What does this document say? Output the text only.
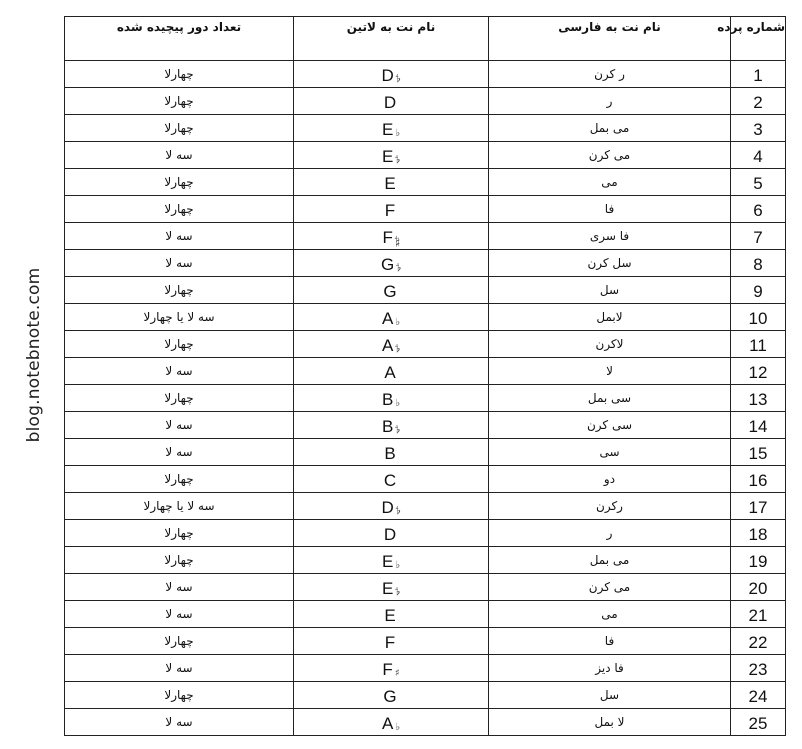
blog.notebnote.com
تعداد دور پیچیده شده	نام نت به لاتین	نام نت به فارسی	شماره پرده
چهارلا	D 𝄳	ر کرن	1
چهارلا	D	ر	2
چهارلا	E ♭	می بمل	3
سه لا	E 𝄳	می کرن	4
چهارلا	E	می	5
چهارلا	F	فا	6
سه لا	F 𝄲	فا سری	7
سه لا	G 𝄳	سل کرن	8
چهارلا	G	سل	9
سه لا یا چهارلا	A ♭	لابمل	10
چهارلا	A 𝄳	لاکرن	11
سه لا	A	لا	12
چهارلا	B ♭	سی بمل	13
سه لا	B 𝄳	سی کرن	14
سه لا	B	سی	15
چهارلا	C	دو	16
سه لا یا چهارلا	D 𝄳	رکرن	17
چهارلا	D	ر	18
چهارلا	E ♭	می بمل	19
سه لا	E 𝄳	می کرن	20
سه لا	E	می	21
چهارلا	F	فا	22
سه لا	F ♯	فا دیز	23
چهارلا	G	سل	24
سه لا	A ♭	لا بمل	25
